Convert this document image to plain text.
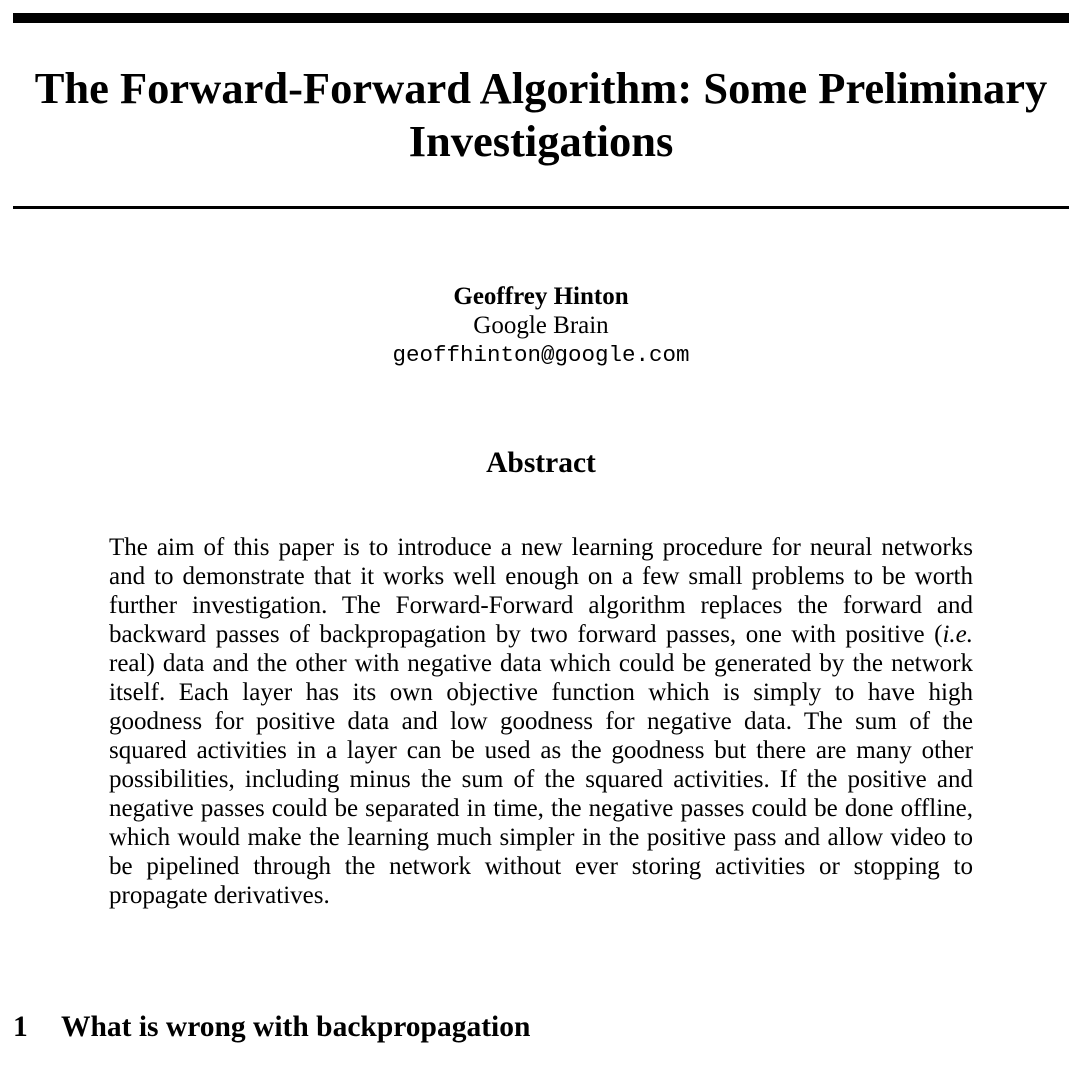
The Forward-Forward Algorithm: Some Preliminary Investigations
Geoffrey Hinton
Google Brain
geoffhinton@google.com
Abstract

The aim of this paper is to introduce a new learning procedure for neural networks and to demonstrate that it works well enough on a few small problems to be worth further investigation. The Forward-Forward algorithm replaces the forward and backward passes of backpropagation by two forward passes, one with positive (i.e. real) data and the other with negative data which could be generated by the network itself. Each layer has its own objective function which is simply to have high goodness for positive data and low goodness for negative data. The sum of the squared activities in a layer can be used as the goodness but there are many other possibilities, including minus the sum of the squared activities. If the positive and negative passes could be separated in time, the negative passes could be done offline, which would make the learning much simpler in the positive pass and allow video to be pipelined through the network without ever storing activities or stopping to propagate derivatives.

1 What is wrong with backpropagation
